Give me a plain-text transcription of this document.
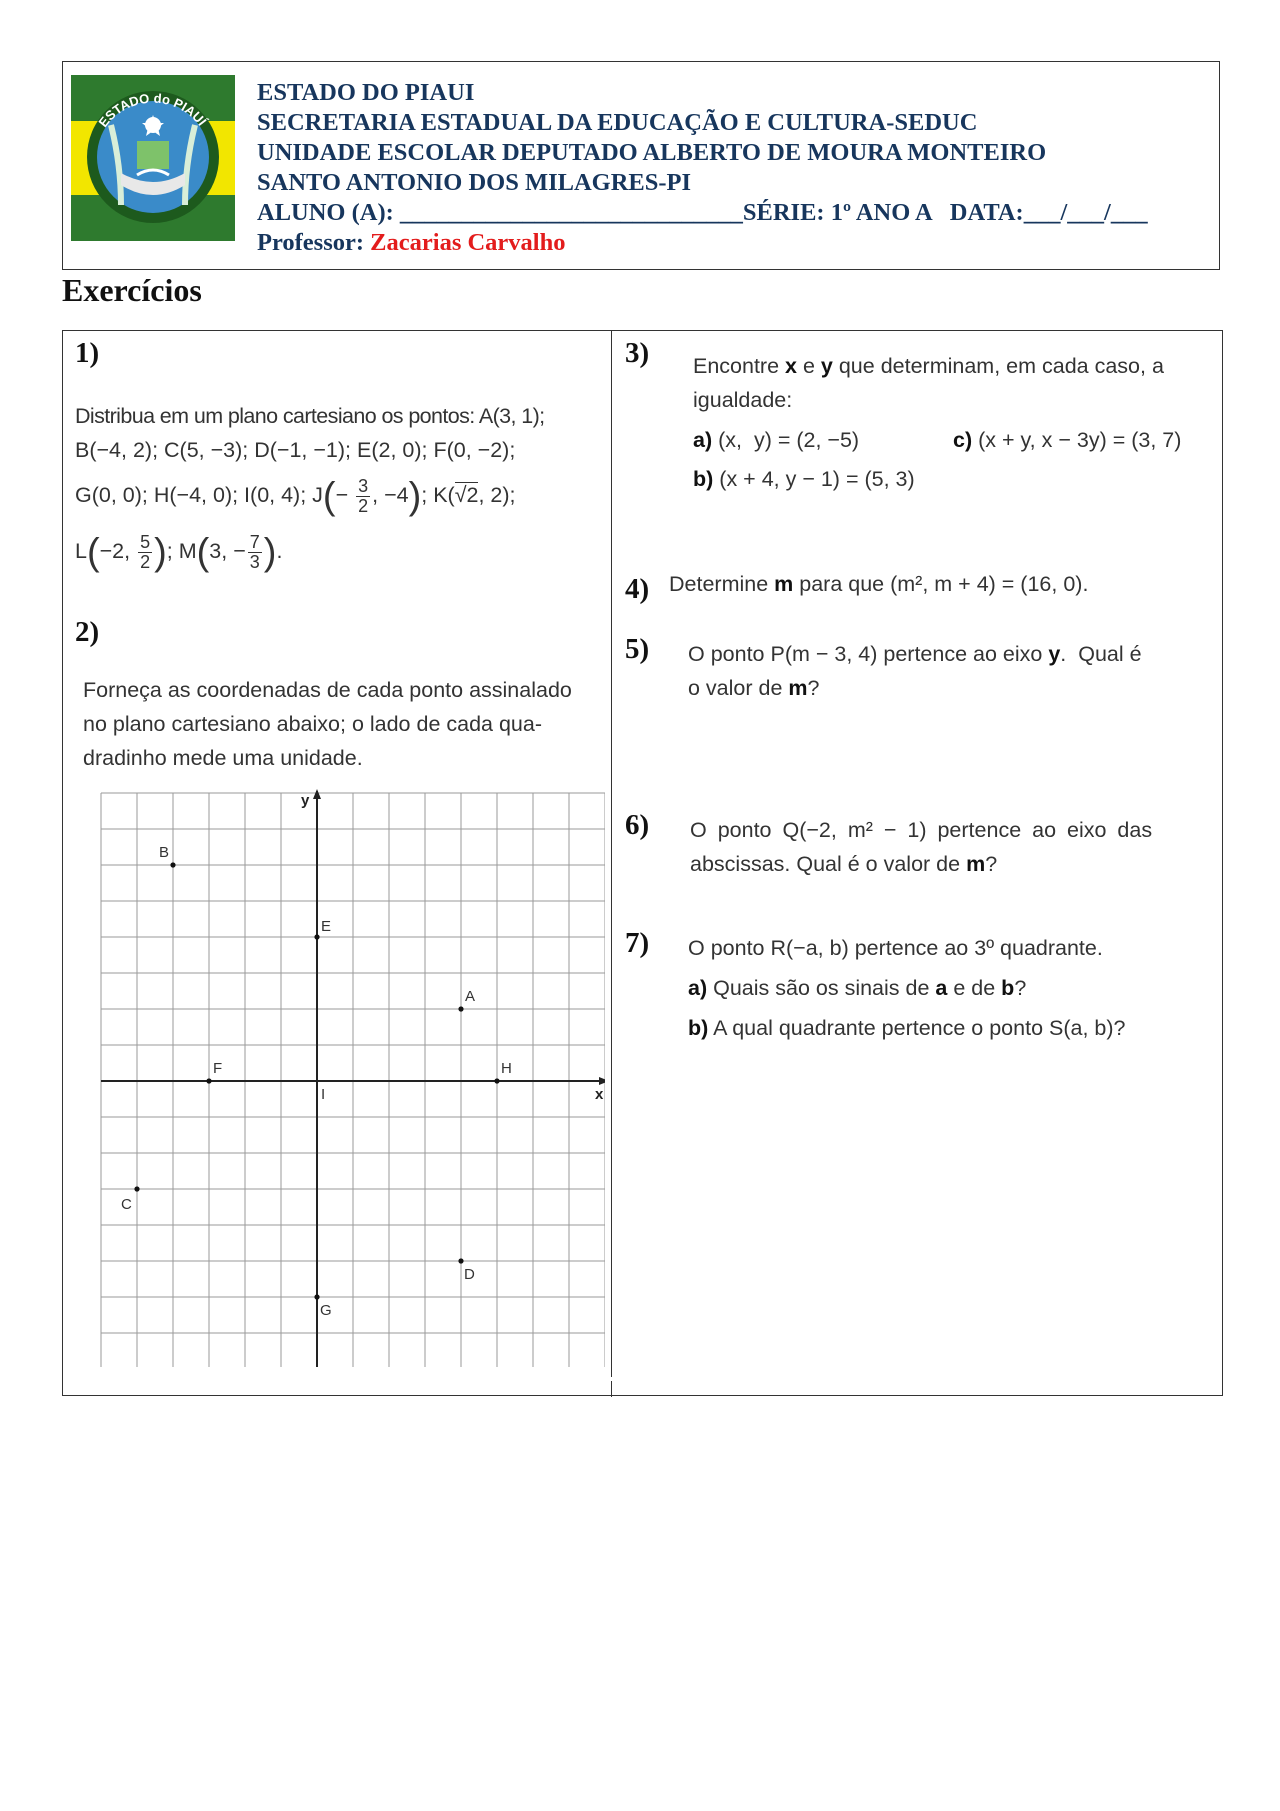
ESTADO do PIAUÍ
ESTADO DO PIAUI
SECRETARIA ESTADUAL DA EDUCAÇÃO E CULTURA-SEDUC
UNIDADE ESCOLAR DEPUTADO ALBERTO DE MOURA MONTEIRO
SANTO ANTONIO DOS MILAGRES-PI
ALUNO (A): ____________________________SÉRIE: 1º ANO A   DATA:___/___/___
Professor: Zacarias Carvalho
Exercícios
1)
Distribua em um plano cartesiano os pontos: A(3, 1);
B(−4, 2); C(5, −3); D(−1, −1); E(2, 0); F(0, −2);
G(0, 0); H(−4, 0); I(0, 4); $J(- \frac{3}{2}$ , −4); K(√2, 2);
L(−2, $\frac{5}{2}$ ); M(3, − $\frac{7}{3}$ ).
2)
Forneça as coordenadas de cada ponto assinalado
no plano cartesiano abaixo; o lado de cada qua-
dradinho mede uma unidade.
x
y
B
E
A
F	H
I
C
D
G
3) Encontre x e y que determinam, em cada caso, a
igualdade:
a) (x,  y) = (2, −5)	c) (x + y, x − 3y) = (3, 7)
b) (x + 4, y − 1) = (5, 3)
4) Determine m para que (m², m + 4) = (16, 0).
5) O ponto P(m − 3, 4) pertence ao eixo y.  Qual é
o valor de m?
6) O ponto Q(−2, m² − 1) pertence ao eixo das
abscissas. Qual é o valor de m?
7) O ponto R(−a, b) pertence ao 3º quadrante.
a) Quais são os sinais de a e de b?
b) A qual quadrante pertence o ponto S(a, b)?
